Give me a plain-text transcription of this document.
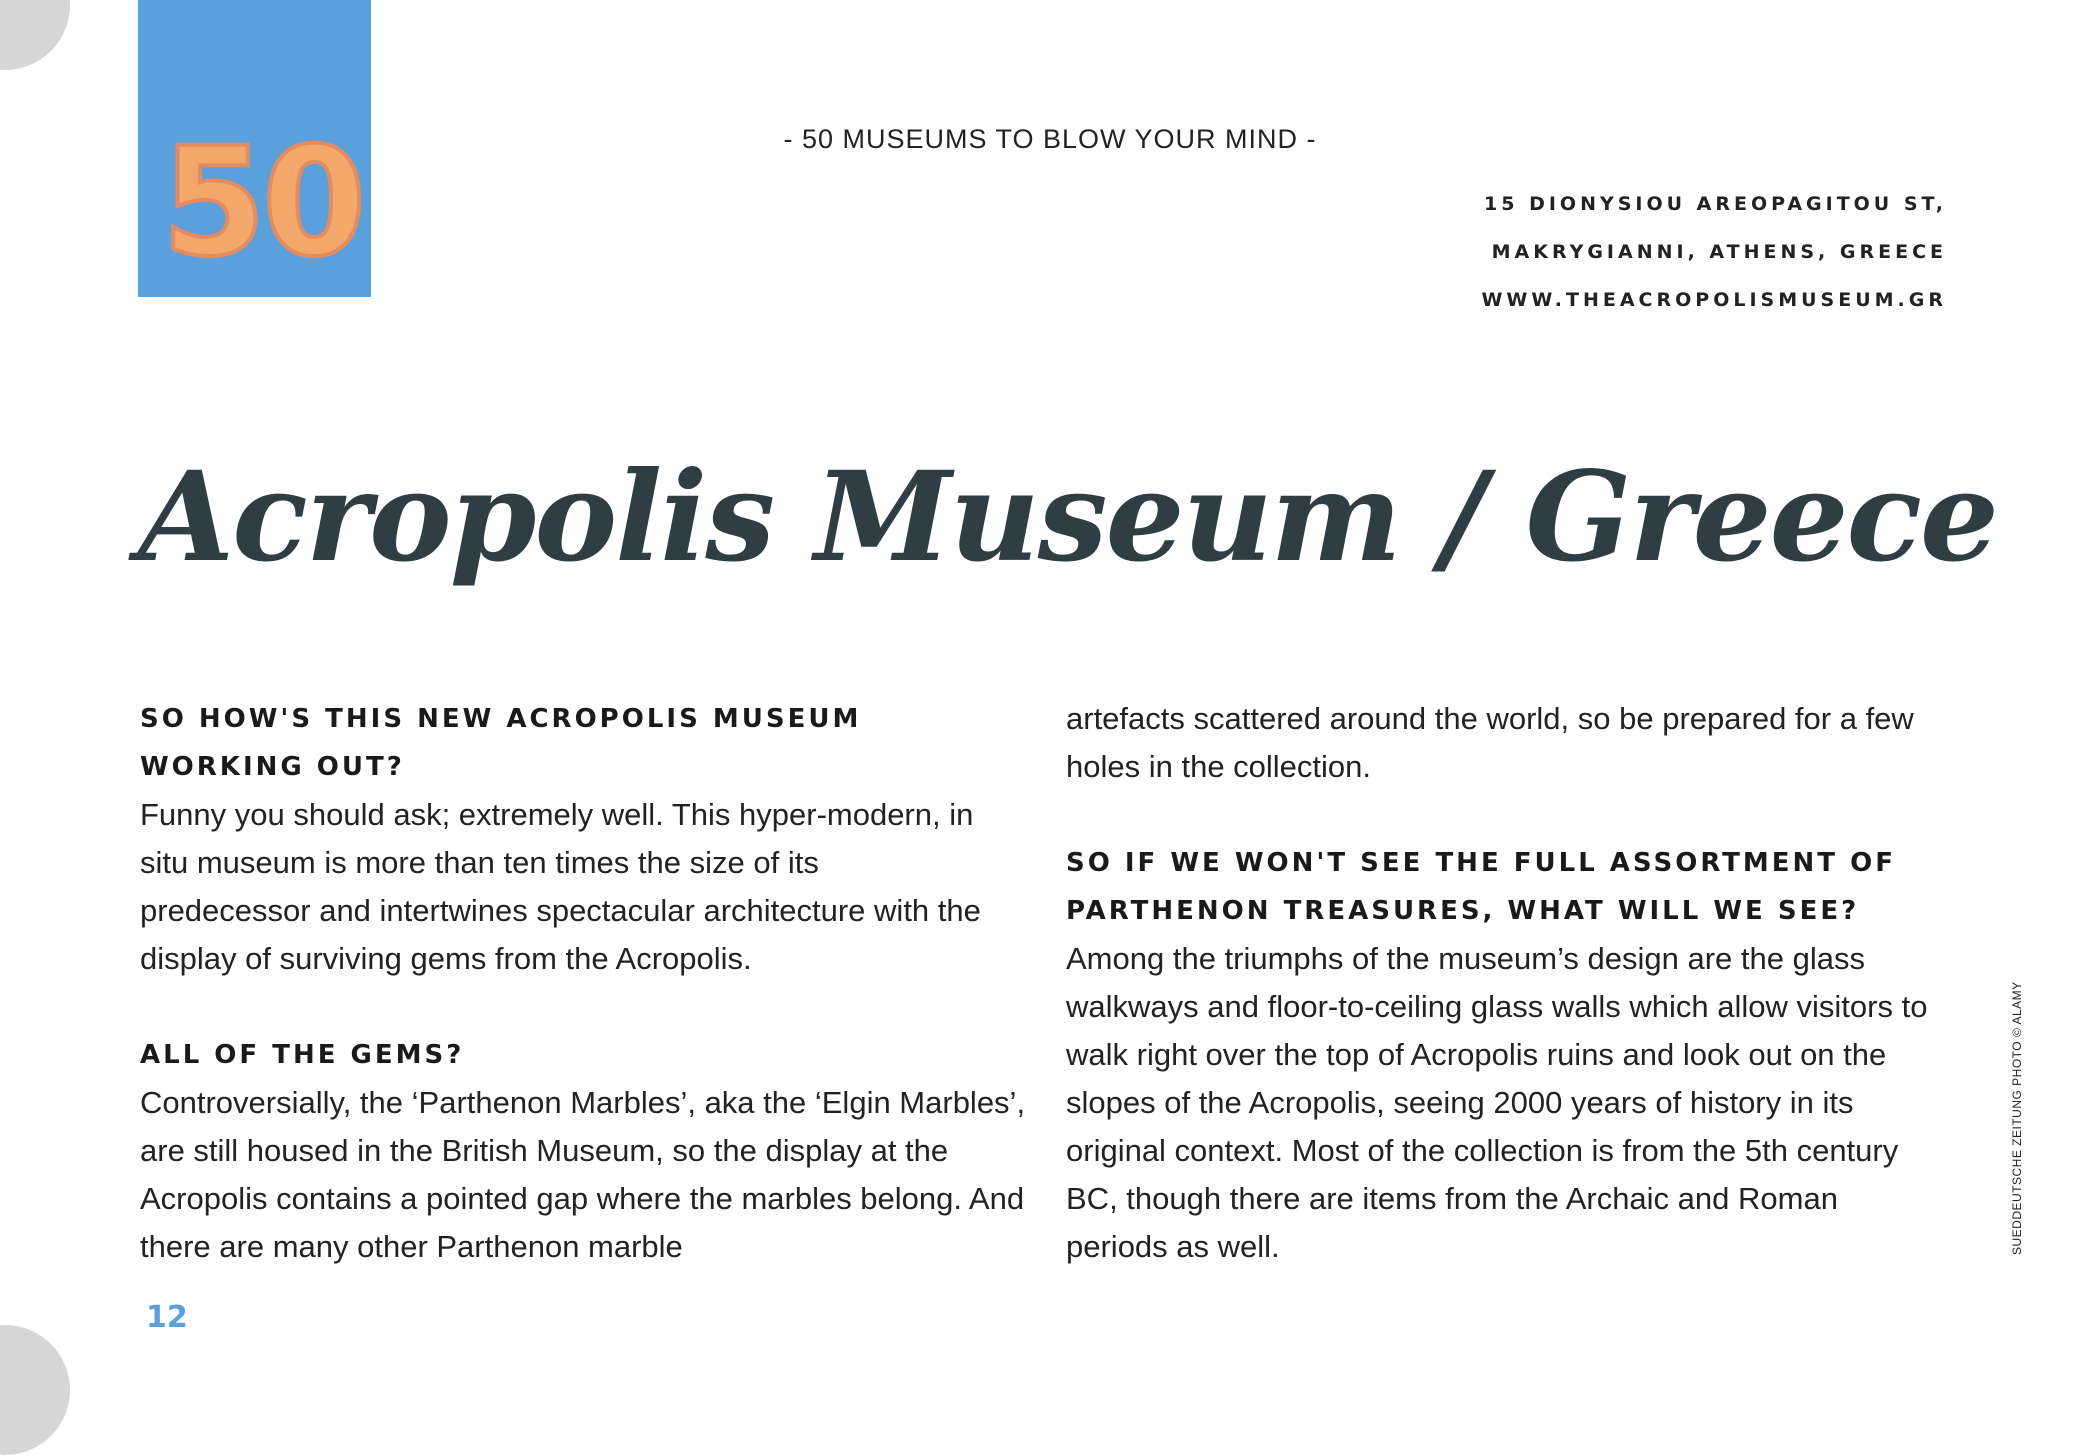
50	- 50 MUSEUMS TO BLOW YOUR MIND -
15 DIONYSIOU AREOPAGITOU ST,
MAKRYGIANNI, ATHENS, GREECE
WWW.THEACROPOLISMUSEUM.GR
Acropolis Museum / Greece
SO HOW'S THIS NEW ACROPOLIS MUSEUM WORKING OUT?

Funny you should ask; extremely well. This hyper-modern, in situ museum is more than ten times the size of its predecessor and intertwines spectacular architecture with the display of surviving gems from the Acropolis.

ALL OF THE GEMS?

Controversially, the ‘Parthenon Marbles’, aka the ‘Elgin Marbles’, are still housed in the British Museum, so the display at the Acropolis contains a pointed gap where the marbles belong. And there are many other Parthenon marble

artefacts scattered around the world, so be prepared for a few holes in the collection.

SO IF WE WON'T SEE THE FULL ASSORTMENT OF PARTHENON TREASURES, WHAT WILL WE SEE?

Among the triumphs of the museum’s design are the glass walkways and floor-to-ceiling glass walls which allow visitors to walk right over the top of Acropolis ruins and look out on the slopes of the Acropolis, seeing 2000 years of history in its original context. Most of the collection is from the 5th century BC, though there are items from the Archaic and Roman periods as well.

12
SUEDDEUTSCHE ZEITUNG PHOTO © ALAMY
